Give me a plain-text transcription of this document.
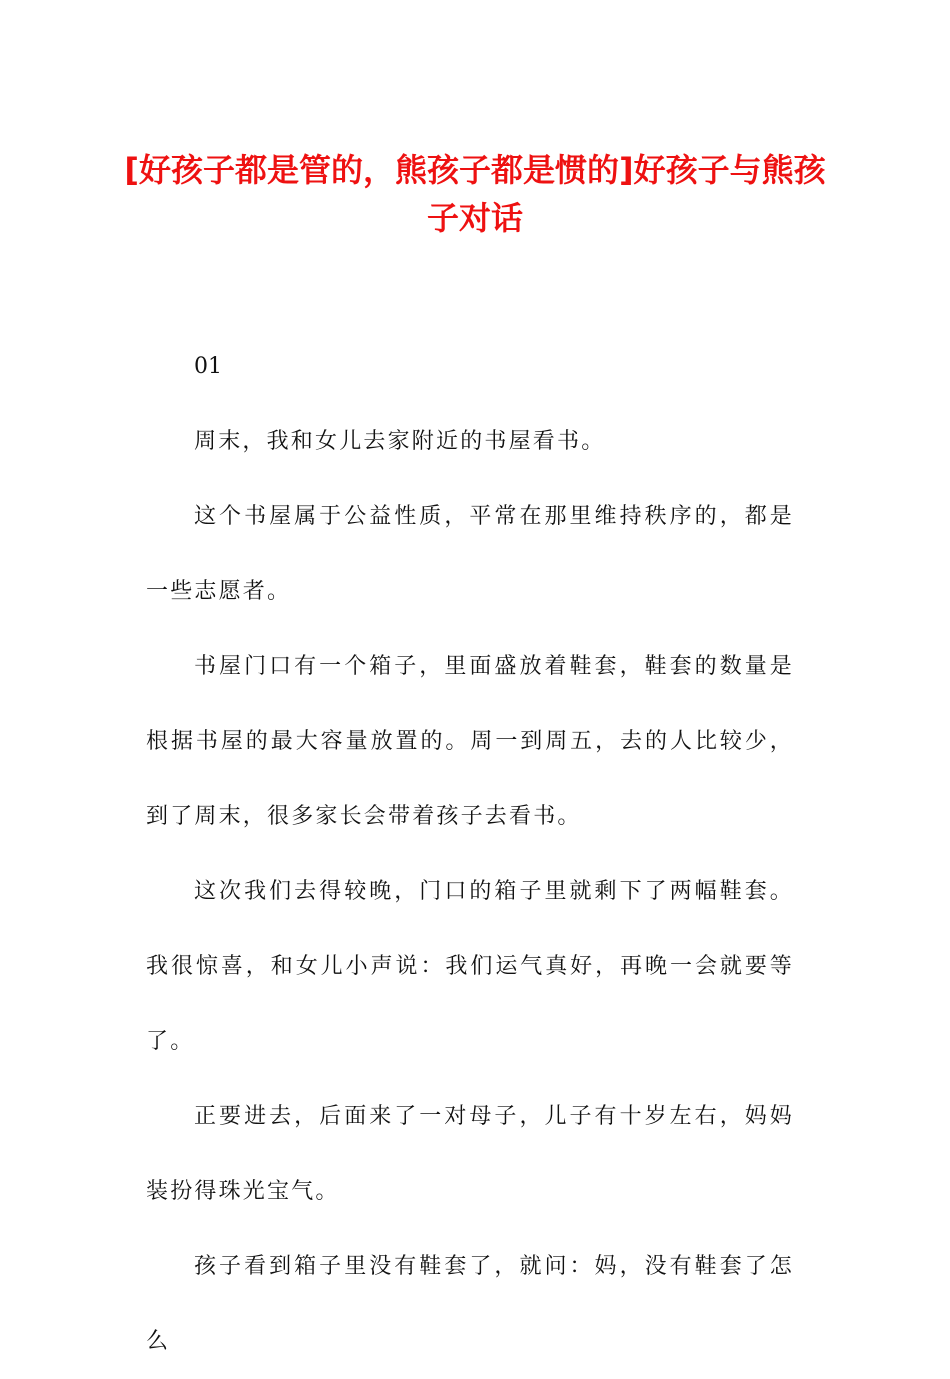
[好孩子都是管的，熊孩子都是惯的]好孩子与熊孩子对话

01

周末，我和女儿去家附近的书屋看书。

这个书屋属于公益性质，平常在那里维持秩序的，都是一些志愿者。

书屋门口有一个箱子，里面盛放着鞋套，鞋套的数量是根据书屋的最大容量放置的。周一到周五，去的人比较少，到了周末，很多家长会带着孩子去看书。

这次我们去得较晚，门口的箱子里就剩下了两幅鞋套。我很惊喜，和女儿小声说：我们运气真好，再晚一会就要等了。

正要进去，后面来了一对母子，儿子有十岁左右，妈妈装扮得珠光宝气。

孩子看到箱子里没有鞋套了，就问：妈，没有鞋套了怎么
